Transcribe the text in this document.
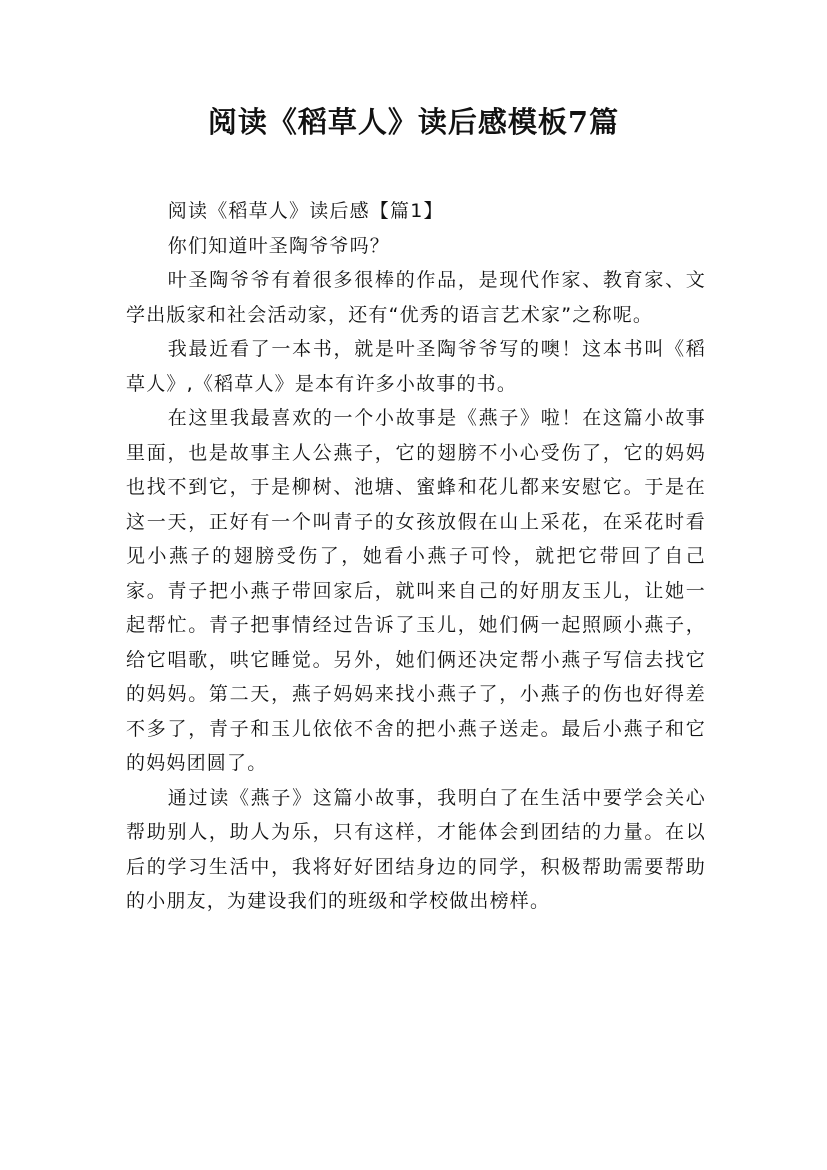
阅读《稻草人》读后感模板7篇

阅读《稻草人》读后感【篇1】

你们知道叶圣陶爷爷吗？

叶圣陶爷爷有着很多很棒的作品，是现代作家、教育家、文学出版家和社会活动家，还有“优秀的语言艺术家”之称呢。

我最近看了一本书，就是叶圣陶爷爷写的噢！这本书叫《稻草人》,《稻草人》是本有许多小故事的书。

在这里我最喜欢的一个小故事是《燕子》啦！在这篇小故事里面，也是故事主人公燕子，它的翅膀不小心受伤了，它的妈妈也找不到它，于是柳树、池塘、蜜蜂和花儿都来安慰它。于是在这一天，正好有一个叫青子的女孩放假在山上采花，在采花时看见小燕子的翅膀受伤了，她看小燕子可怜，就把它带回了自己家。青子把小燕子带回家后，就叫来自己的好朋友玉儿，让她一起帮忙。青子把事情经过告诉了玉儿，她们俩一起照顾小燕子，给它唱歌，哄它睡觉。另外，她们俩还决定帮小燕子写信去找它的妈妈。第二天，燕子妈妈来找小燕子了，小燕子的伤也好得差不多了，青子和玉儿依依不舍的把小燕子送走。最后小燕子和它的妈妈团圆了。

通过读《燕子》这篇小故事，我明白了在生活中要学会关心帮助别人，助人为乐，只有这样，才能体会到团结的力量。在以后的学习生活中，我将好好团结身边的同学，积极帮助需要帮助的小朋友，为建设我们的班级和学校做出榜样。
